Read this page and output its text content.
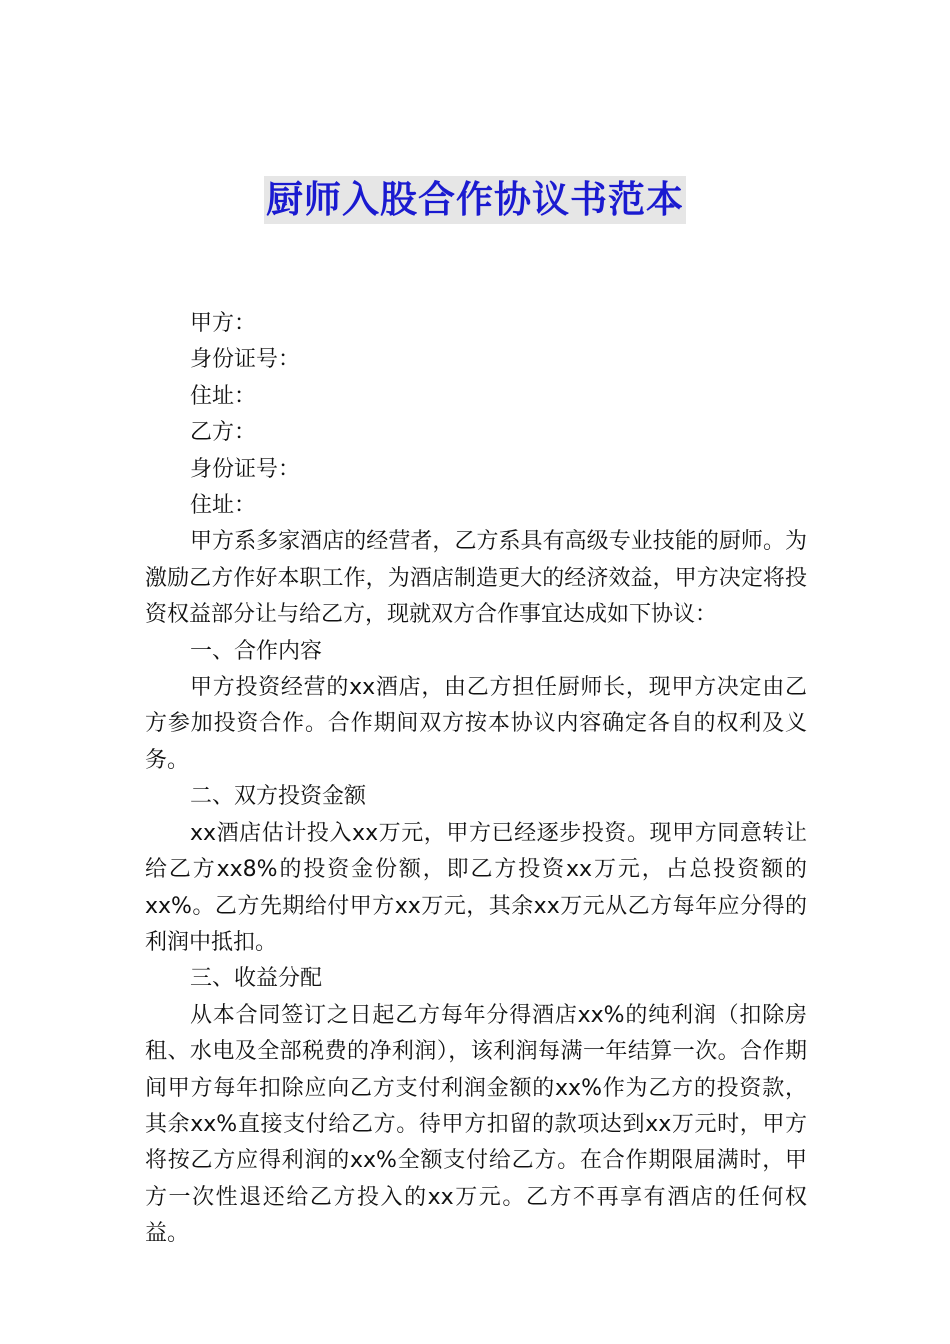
厨师入股合作协议书范本

甲方：

身份证号：

住址：

乙方：

身份证号：

住址：

甲方系多家酒店的经营者，乙方系具有高级专业技能的厨师。为激励乙方作好本职工作，为酒店制造更大的经济效益，甲方决定将投资权益部分让与给乙方，现就双方合作事宜达成如下协议：

一、合作内容

甲方投资经营的xx酒店，由乙方担任厨师长，现甲方决定由乙方参加投资合作。合作期间双方按本协议内容确定各自的权利及义务。

二、双方投资金额

xx酒店估计投入xx万元，甲方已经逐步投资。现甲方同意转让给乙方xx8%的投资金份额，即乙方投资xx万元，占总投资额的xx%。乙方先期给付甲方xx万元，其余xx万元从乙方每年应分得的利润中抵扣。

三、收益分配

从本合同签订之日起乙方每年分得酒店xx%的纯利润（扣除房租、水电及全部税费的净利润），该利润每满一年结算一次。合作期间甲方每年扣除应向乙方支付利润金额的xx%作为乙方的投资款，其余xx%直接支付给乙方。待甲方扣留的款项达到xx万元时，甲方将按乙方应得利润的xx%全额支付给乙方。在合作期限届满时，甲方一次性退还给乙方投入的xx万元。乙方不再享有酒店的任何权益。
